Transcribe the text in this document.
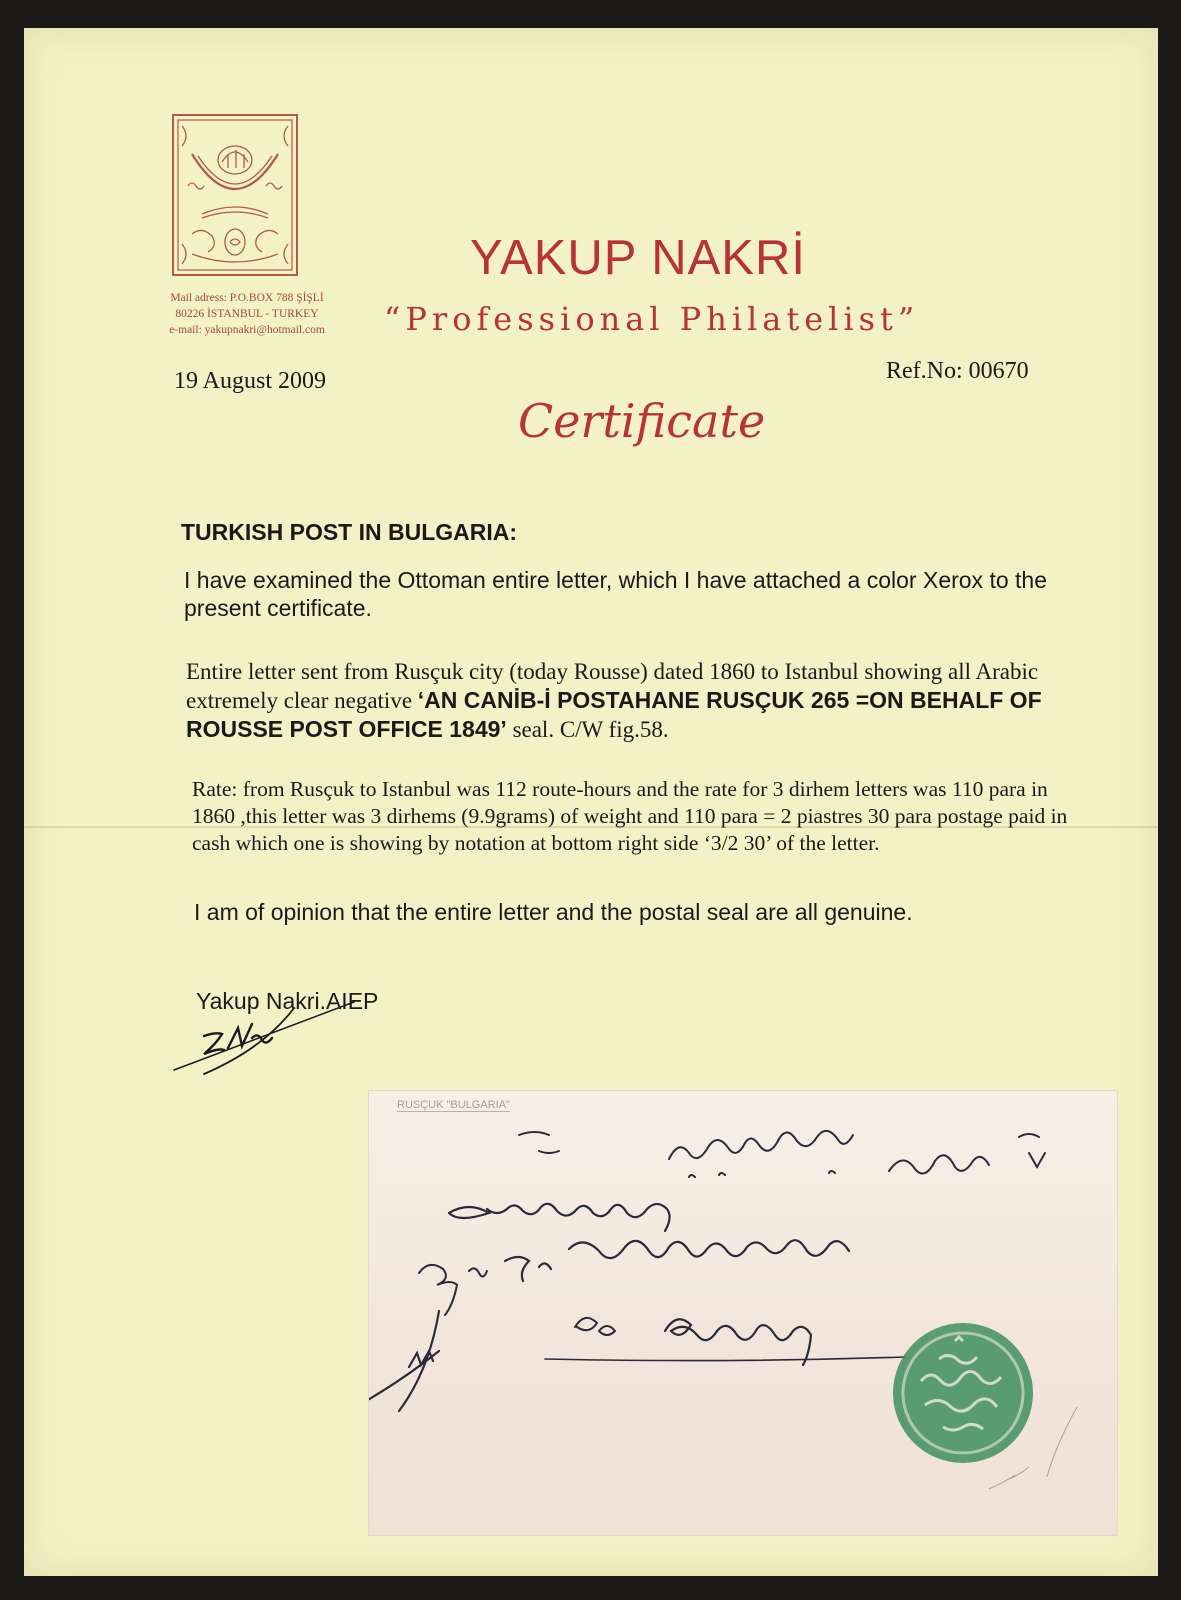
Mail adress: P.O.BOX 788 ŞİŞLİ
80226 İSTANBUL - TURKEY
e-mail: yakupnakri@hotmail.com
YAKUP NAKRİ
“Professional Philatelist”
19 August 2009	Ref.No: 00670
Certificate
TURKISH POST IN BULGARIA:
I have examined the Ottoman entire letter, which I have attached a color Xerox to the present certificate.
Entire letter sent from Rusçuk city (today Rousse) dated 1860 to Istanbul showing all Arabic extremely clear negative ‘AN CANİB-İ POSTAHANE RUSÇUK 265 =ON BEHALF OF ROUSSE POST OFFICE 1849’ seal. C/W fig.58.
Rate: from Rusçuk to Istanbul was 112 route-hours and the rate for 3 dirhem letters was 110 para in 1860 ,this letter was 3 dirhems (9.9grams) of weight and 110 para = 2 piastres 30 para postage paid in cash which one is showing by notation at bottom right side ‘3/2 30’ of the letter.
I am of opinion that the entire letter and the postal seal are all genuine.
Yakup Nakri.AIEP
RUSÇUK "BULGARIA"
